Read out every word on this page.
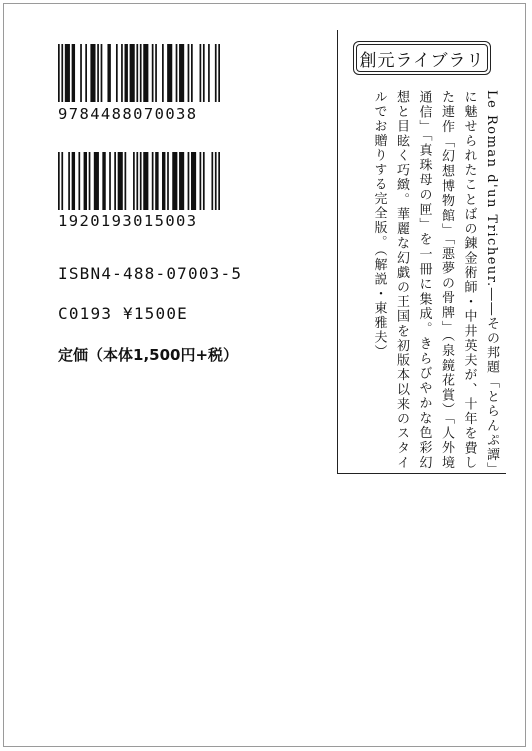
9784488070038
1920193015003
ISBN4-488-07003-5
C0193 ¥1500E
定価（本体1,500円+税）
創元ライブラリ

Le Roman d'un Tricheur.――その邦題「とらんぷ譚」に魅せられたことばの錬金術師・中井英夫が、十年を費した連作「幻想博物館」「悪夢の骨牌」（泉鏡花賞）「人外境通信」「真珠母の匣」を一冊に集成。きらびやかな色彩幻想と目眩く巧緻。華麗な幻戯の王国を初版本以来のスタイルでお贈りする完全版。（解説・東雅夫）
